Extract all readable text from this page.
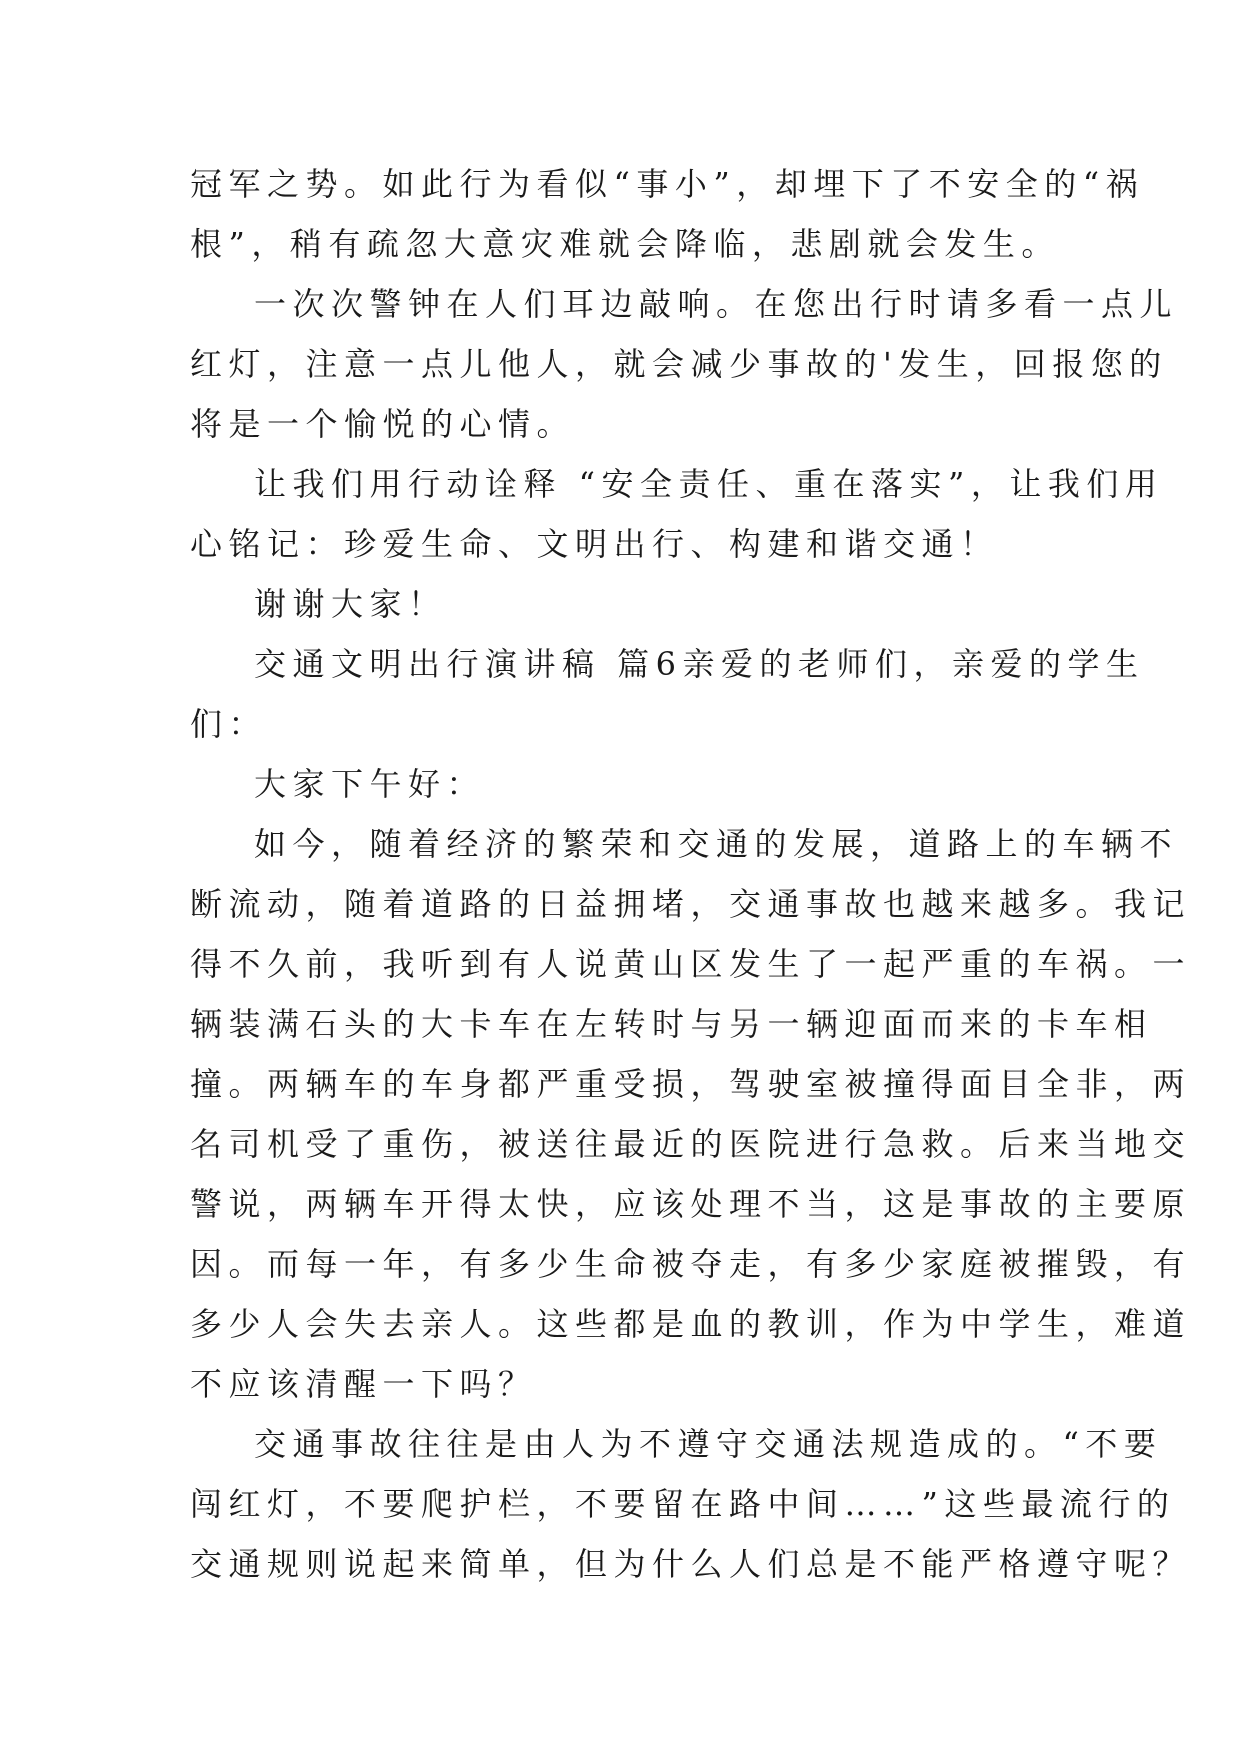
冠军之势。如此行为看似“事小”，却埋下了不安全的“祸
根”，稍有疏忽大意灾难就会降临，悲剧就会发生。
一次次警钟在人们耳边敲响。在您出行时请多看一点儿
红灯，注意一点儿他人，就会减少事故的'发生，回报您的
将是一个愉悦的心情。
让我们用行动诠释 “安全责任、重在落实”，让我们用
心铭记：珍爱生命、文明出行、构建和谐交通！
谢谢大家！
交通文明出行演讲稿 篇6亲爱的老师们，亲爱的学生
们：
大家下午好：
如今，随着经济的繁荣和交通的发展，道路上的车辆不
断流动，随着道路的日益拥堵，交通事故也越来越多。我记
得不久前，我听到有人说黄山区发生了一起严重的车祸。一
辆装满石头的大卡车在左转时与另一辆迎面而来的卡车相
撞。两辆车的车身都严重受损，驾驶室被撞得面目全非，两
名司机受了重伤，被送往最近的医院进行急救。后来当地交
警说，两辆车开得太快，应该处理不当，这是事故的主要原
因。而每一年，有多少生命被夺走，有多少家庭被摧毁，有
多少人会失去亲人。这些都是血的教训，作为中学生，难道
不应该清醒一下吗？
交通事故往往是由人为不遵守交通法规造成的。“不要
闯红灯，不要爬护栏，不要留在路中间……”这些最流行的
交通规则说起来简单，但为什么人们总是不能严格遵守呢？
